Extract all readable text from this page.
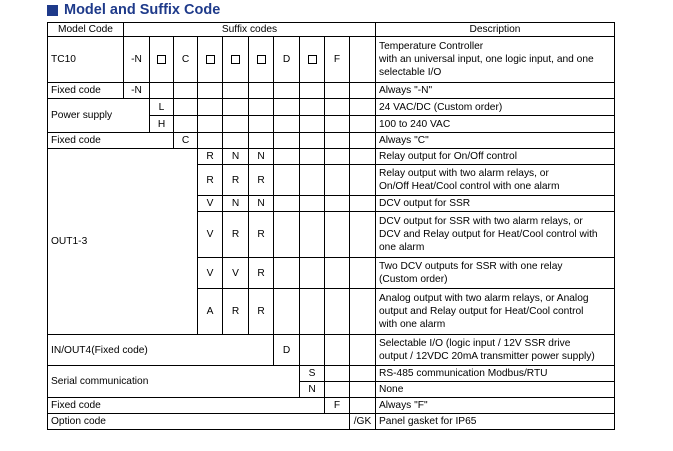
Model and Suffix Code
Model Code	Suffix codes										Description
TC10	-N		C				D		F		Temperature Controller
with an universal input, one logic input, and one
selectable I/O

Fixed code	-N										Always "-N"
Power supply		L									24 VAC/DC (Custom order)
		H									100 to 240 VAC
Fixed code			C								Always "C"
OUT1-3				R	N	N					Relay output for On/Off control

				R	R	R					Relay output with two alarm relays, or
On/Off Heat/Cool control with one alarm

				V	N	N					DCV output for SSR

				V	R	R					DCV output for SSR with two alarm relays, or
DCV and Relay output for Heat/Cool control with
one alarm

				V	V	R					Two DCV outputs for SSR with one relay
(Custom order)

				A	R	R					Analog output with two alarm relays, or Analog
output and Relay output for Heat/Cool control
with one alarm

IN/OUT4(Fixed code)							D				Selectable I/O (logic input / 12V SSR drive
output / 12VDC 20mA transmitter power supply)

Serial communication								S			RS-485 communication Modbus/RTU
								N			None
Fixed code									F		Always "F"
Option code										/GK	Panel gasket for IP65
